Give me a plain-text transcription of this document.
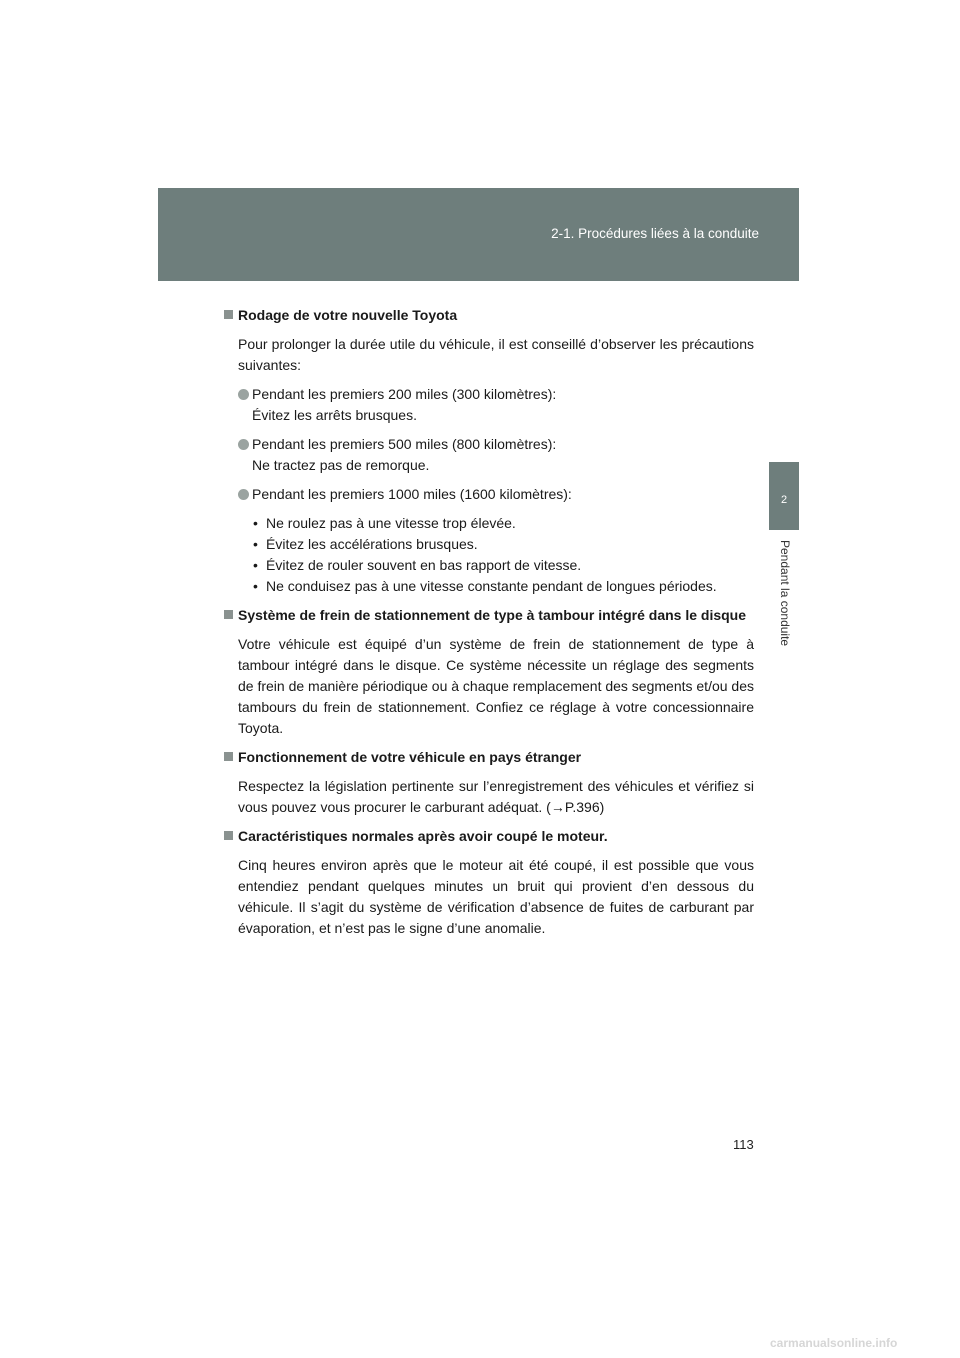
2-1. Procédures liées à la conduite
2
Pendant la conduite
Rodage de votre nouvelle Toyota
Pour prolonger la durée utile du véhicule, il est conseillé d’observer les précautions suivantes:
Pendant les premiers 200 miles (300 kilomètres):
Évitez les arrêts brusques.
Pendant les premiers 500 miles (800 kilomètres):
Ne tractez pas de remorque.
Pendant les premiers 1000 miles (1600 kilomètres):
• Ne roulez pas à une vitesse trop élevée.
• Évitez les accélérations brusques.
• Évitez de rouler souvent en bas rapport de vitesse.
• Ne conduisez pas à une vitesse constante pendant de longues périodes.
Système de frein de stationnement de type à tambour intégré dans le disque
Votre véhicule est équipé d’un système de frein de stationnement de type à tambour intégré dans le disque. Ce système nécessite un réglage des segments de frein de manière périodique ou à chaque remplacement des segments et/ou des tambours du frein de stationnement. Confiez ce réglage à votre concessionnaire Toyota.
Fonctionnement de votre véhicule en pays étranger
Respectez la législation pertinente sur l’enregistrement des véhicules et vérifiez si vous pouvez vous procurer le carburant adéquat. (→P.396)
Caractéristiques normales après avoir coupé le moteur.
Cinq heures environ après que le moteur ait été coupé, il est possible que vous entendiez pendant quelques minutes un bruit qui provient d’en dessous du véhicule. Il s’agit du système de vérification d’absence de fuites de carburant par évaporation, et n’est pas le signe d’une anomalie.
113
carmanualsonline.info
